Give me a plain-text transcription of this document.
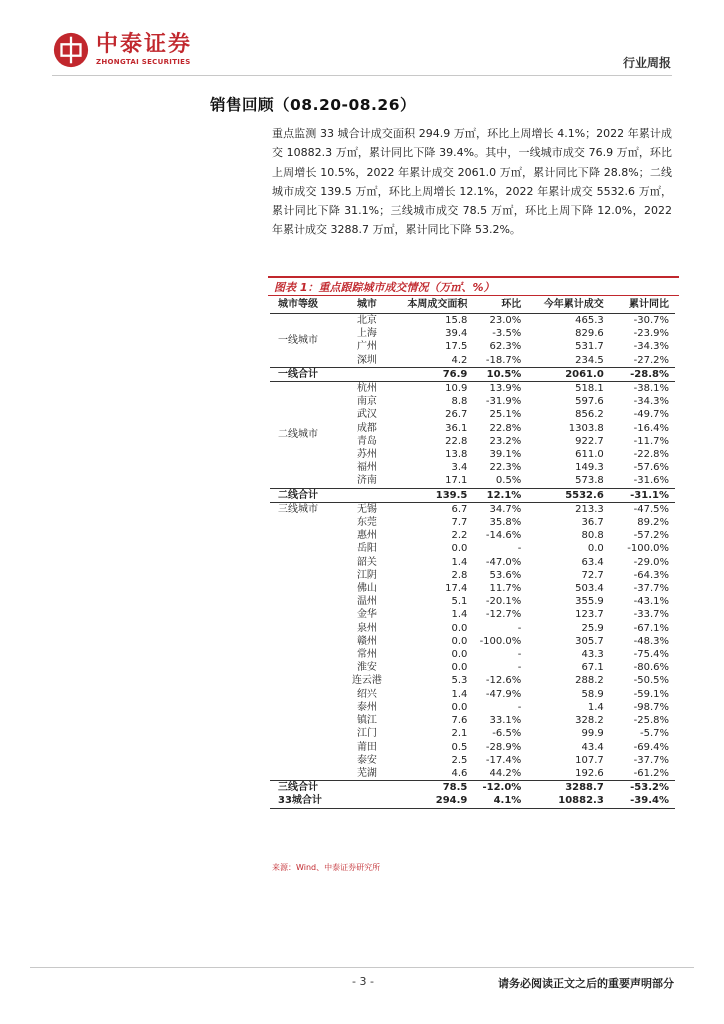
中泰证券
ZHONGTAI SECURITIES	行业周报
销售回顾（08.20-08.26）
重点监测 33 城合计成交面积 294.9 万㎡，环比上周增长 4.1%；2022 年累计成交 10882.3 万㎡，累计同比下降 39.4%。其中，一线城市成交 76.9 万㎡，环比上周增长 10.5%，2022 年累计成交 2061.0 万㎡，累计同比下降 28.8%；二线城市成交 139.5 万㎡，环比上周增长 12.1%，2022 年累计成交 5532.6 万㎡，累计同比下降 31.1%；三线城市成交 78.5 万㎡，环比上周下降 12.0%，2022 年累计成交 3288.7 万㎡，累计同比下降 53.2%。
图表 1：重点跟踪城市成交情况（万㎡、%）
城市等级	城市	本周成交面积	环比	今年累计成交	累计同比
一线城市	北京	15.8	23.0%	465.3	-30.7%
	上海	39.4	-3.5%	829.6	-23.9%
	广州	17.5	62.3%	531.7	-34.3%
	深圳	4.2	-18.7%	234.5	-27.2%
一线合计		76.9	10.5%	2061.0	-28.8%
二线城市	杭州	10.9	13.9%	518.1	-38.1%
	南京	8.8	-31.9%	597.6	-34.3%
	武汉	26.7	25.1%	856.2	-49.7%
	成都	36.1	22.8%	1303.8	-16.4%
	青岛	22.8	23.2%	922.7	-11.7%
	苏州	13.8	39.1%	611.0	-22.8%
	福州	3.4	22.3%	149.3	-57.6%
	济南	17.1	0.5%	573.8	-31.6%
二线合计		139.5	12.1%	5532.6	-31.1%
三线城市	无锡	6.7	34.7%	213.3	-47.5%
	东莞	7.7	35.8%	36.7	89.2%
	惠州	2.2	-14.6%	80.8	-57.2%
	岳阳	0.0	-	0.0	-100.0%
	韶关	1.4	-47.0%	63.4	-29.0%
	江阴	2.8	53.6%	72.7	-64.3%
	佛山	17.4	11.7%	503.4	-37.7%
	温州	5.1	-20.1%	355.9	-43.1%
	金华	1.4	-12.7%	123.7	-33.7%
	泉州	0.0	-	25.9	-67.1%
	赣州	0.0	-100.0%	305.7	-48.3%
	常州	0.0	-	43.3	-75.4%
	淮安	0.0	-	67.1	-80.6%
	连云港	5.3	-12.6%	288.2	-50.5%
	绍兴	1.4	-47.9%	58.9	-59.1%
	泰州	0.0	-	1.4	-98.7%
	镇江	7.6	33.1%	328.2	-25.8%
	江门	2.1	-6.5%	99.9	-5.7%
	莆田	0.5	-28.9%	43.4	-69.4%
	泰安	2.5	-17.4%	107.7	-37.7%
	芜湖	4.6	44.2%	192.6	-61.2%
三线合计		78.5	-12.0%	3288.7	-53.2%
33城合计		294.9	4.1%	10882.3	-39.4%
来源：Wind、中泰证券研究所
- 3 -	请务必阅读正文之后的重要声明部分
